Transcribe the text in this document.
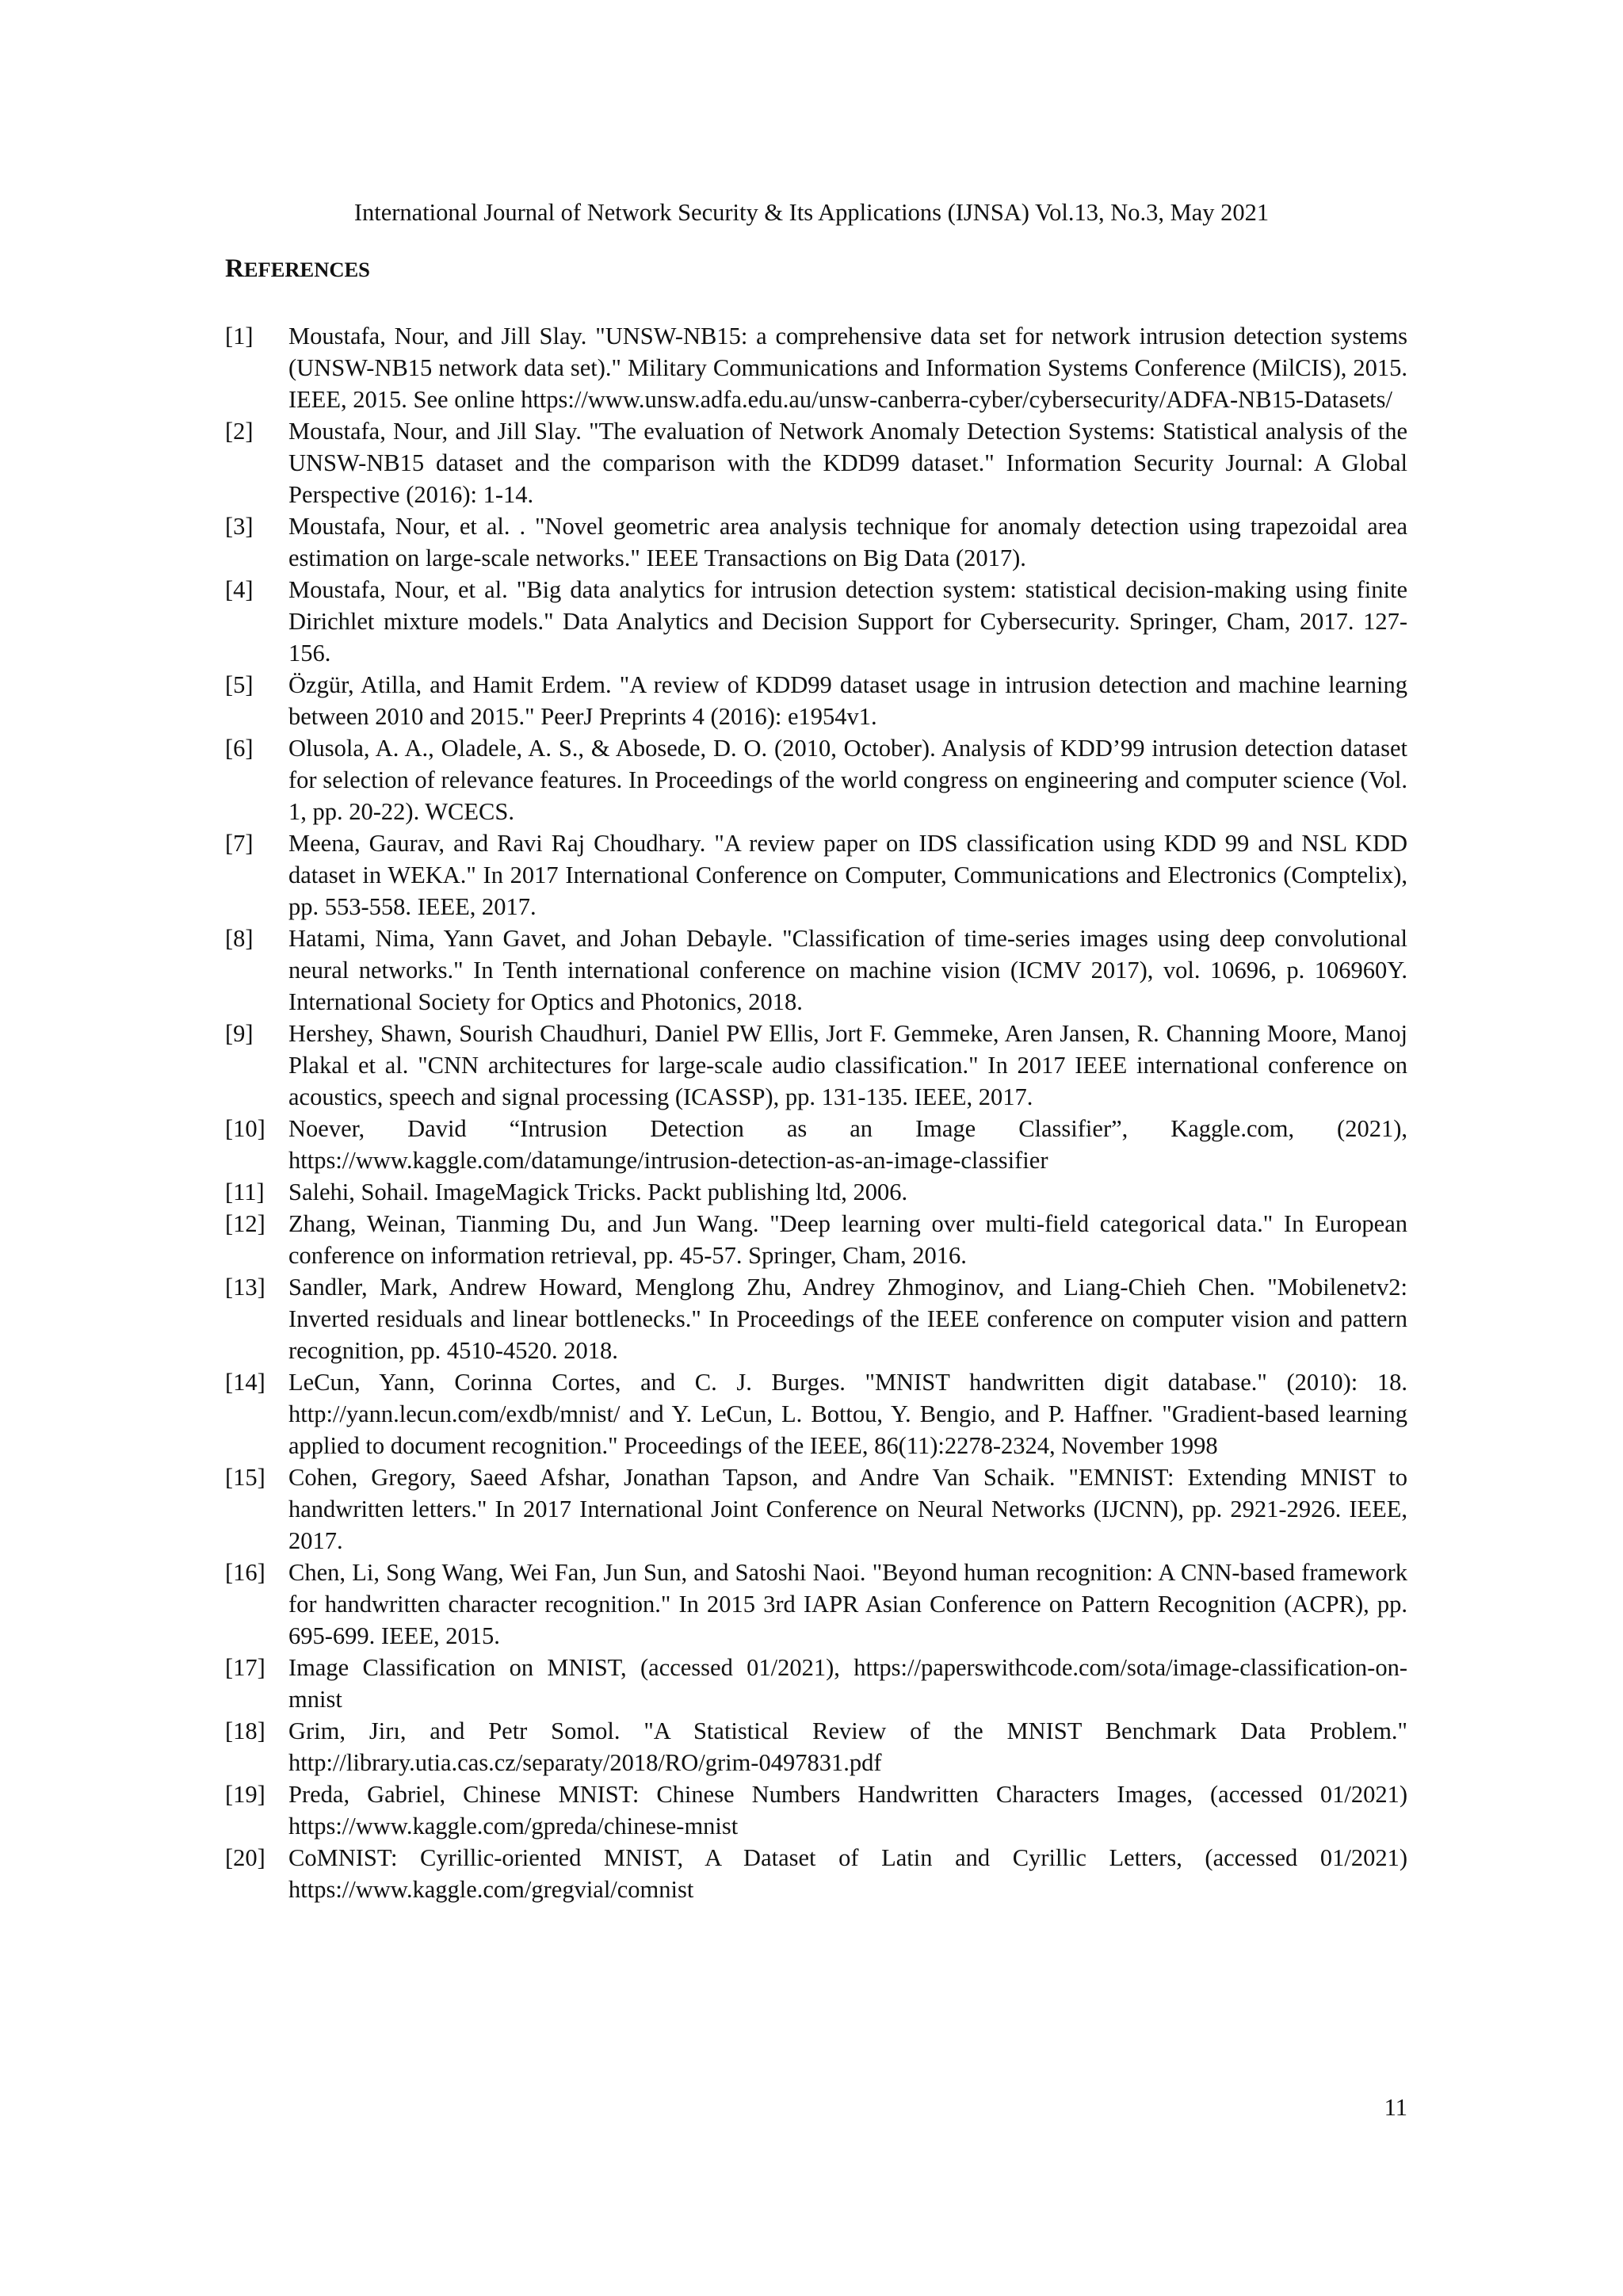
International Journal of Network Security & Its Applications (IJNSA) Vol.13, No.3, May 2021
REFERENCES
[1] Moustafa, Nour, and Jill Slay. "UNSW-NB15: a comprehensive data set for network intrusion detection systems (UNSW-NB15 network data set)." Military Communications and Information Systems Conference (MilCIS), 2015. IEEE, 2015. See online https://www.unsw.adfa.edu.au/unsw-canberra-cyber/cybersecurity/ADFA-NB15-Datasets/
[2] Moustafa, Nour, and Jill Slay. "The evaluation of Network Anomaly Detection Systems: Statistical analysis of the UNSW-NB15 dataset and the comparison with the KDD99 dataset." Information Security Journal: A Global Perspective (2016): 1-14.
[3] Moustafa, Nour, et al. . "Novel geometric area analysis technique for anomaly detection using trapezoidal area estimation on large-scale networks." IEEE Transactions on Big Data (2017).
[4] Moustafa, Nour, et al. "Big data analytics for intrusion detection system: statistical decision-making using finite Dirichlet mixture models." Data Analytics and Decision Support for Cybersecurity. Springer, Cham, 2017. 127-156.
[5] Özgür, Atilla, and Hamit Erdem. "A review of KDD99 dataset usage in intrusion detection and machine learning between 2010 and 2015." PeerJ Preprints 4 (2016): e1954v1.
[6] Olusola, A. A., Oladele, A. S., & Abosede, D. O. (2010, October). Analysis of KDD’99 intrusion detection dataset for selection of relevance features. In Proceedings of the world congress on engineering and computer science (Vol. 1, pp. 20-22). WCECS.
[7] Meena, Gaurav, and Ravi Raj Choudhary. "A review paper on IDS classification using KDD 99 and NSL KDD dataset in WEKA." In 2017 International Conference on Computer, Communications and Electronics (Comptelix), pp. 553-558. IEEE, 2017.
[8] Hatami, Nima, Yann Gavet, and Johan Debayle. "Classification of time-series images using deep convolutional neural networks." In Tenth international conference on machine vision (ICMV 2017), vol. 10696, p. 106960Y. International Society for Optics and Photonics, 2018.
[9] Hershey, Shawn, Sourish Chaudhuri, Daniel PW Ellis, Jort F. Gemmeke, Aren Jansen, R. Channing Moore, Manoj Plakal et al. "CNN architectures for large-scale audio classification." In 2017 IEEE international conference on acoustics, speech and signal processing (ICASSP), pp. 131-135. IEEE, 2017.
[10] Noever, David “Intrusion Detection as an Image Classifier”, Kaggle.com, (2021), https://www.kaggle.com/datamunge/intrusion-detection-as-an-image-classifier
[11] Salehi, Sohail. ImageMagick Tricks. Packt publishing ltd, 2006.
[12] Zhang, Weinan, Tianming Du, and Jun Wang. "Deep learning over multi-field categorical data." In European conference on information retrieval, pp. 45-57. Springer, Cham, 2016.
[13] Sandler, Mark, Andrew Howard, Menglong Zhu, Andrey Zhmoginov, and Liang-Chieh Chen. "Mobilenetv2: Inverted residuals and linear bottlenecks." In Proceedings of the IEEE conference on computer vision and pattern recognition, pp. 4510-4520. 2018.
[14] LeCun, Yann, Corinna Cortes, and C. J. Burges. "MNIST handwritten digit database." (2010): 18. http://yann.lecun.com/exdb/mnist/ and Y. LeCun, L. Bottou, Y. Bengio, and P. Haffner. "Gradient-based learning applied to document recognition." Proceedings of the IEEE, 86(11):2278-2324, November 1998
[15] Cohen, Gregory, Saeed Afshar, Jonathan Tapson, and Andre Van Schaik. "EMNIST: Extending MNIST to handwritten letters." In 2017 International Joint Conference on Neural Networks (IJCNN), pp. 2921-2926. IEEE, 2017.
[16] Chen, Li, Song Wang, Wei Fan, Jun Sun, and Satoshi Naoi. "Beyond human recognition: A CNN-based framework for handwritten character recognition." In 2015 3rd IAPR Asian Conference on Pattern Recognition (ACPR), pp. 695-699. IEEE, 2015.
[17] Image Classification on MNIST, (accessed 01/2021), https://paperswithcode.com/sota/image-classification-on-mnist
[18] Grim, Jirı, and Petr Somol. "A Statistical Review of the MNIST Benchmark Data Problem." http://library.utia.cas.cz/separaty/2018/RO/grim-0497831.pdf
[19] Preda, Gabriel, Chinese MNIST: Chinese Numbers Handwritten Characters Images, (accessed 01/2021) https://www.kaggle.com/gpreda/chinese-mnist
[20] CoMNIST: Cyrillic-oriented MNIST, A Dataset of Latin and Cyrillic Letters, (accessed 01/2021) https://www.kaggle.com/gregvial/comnist
11
